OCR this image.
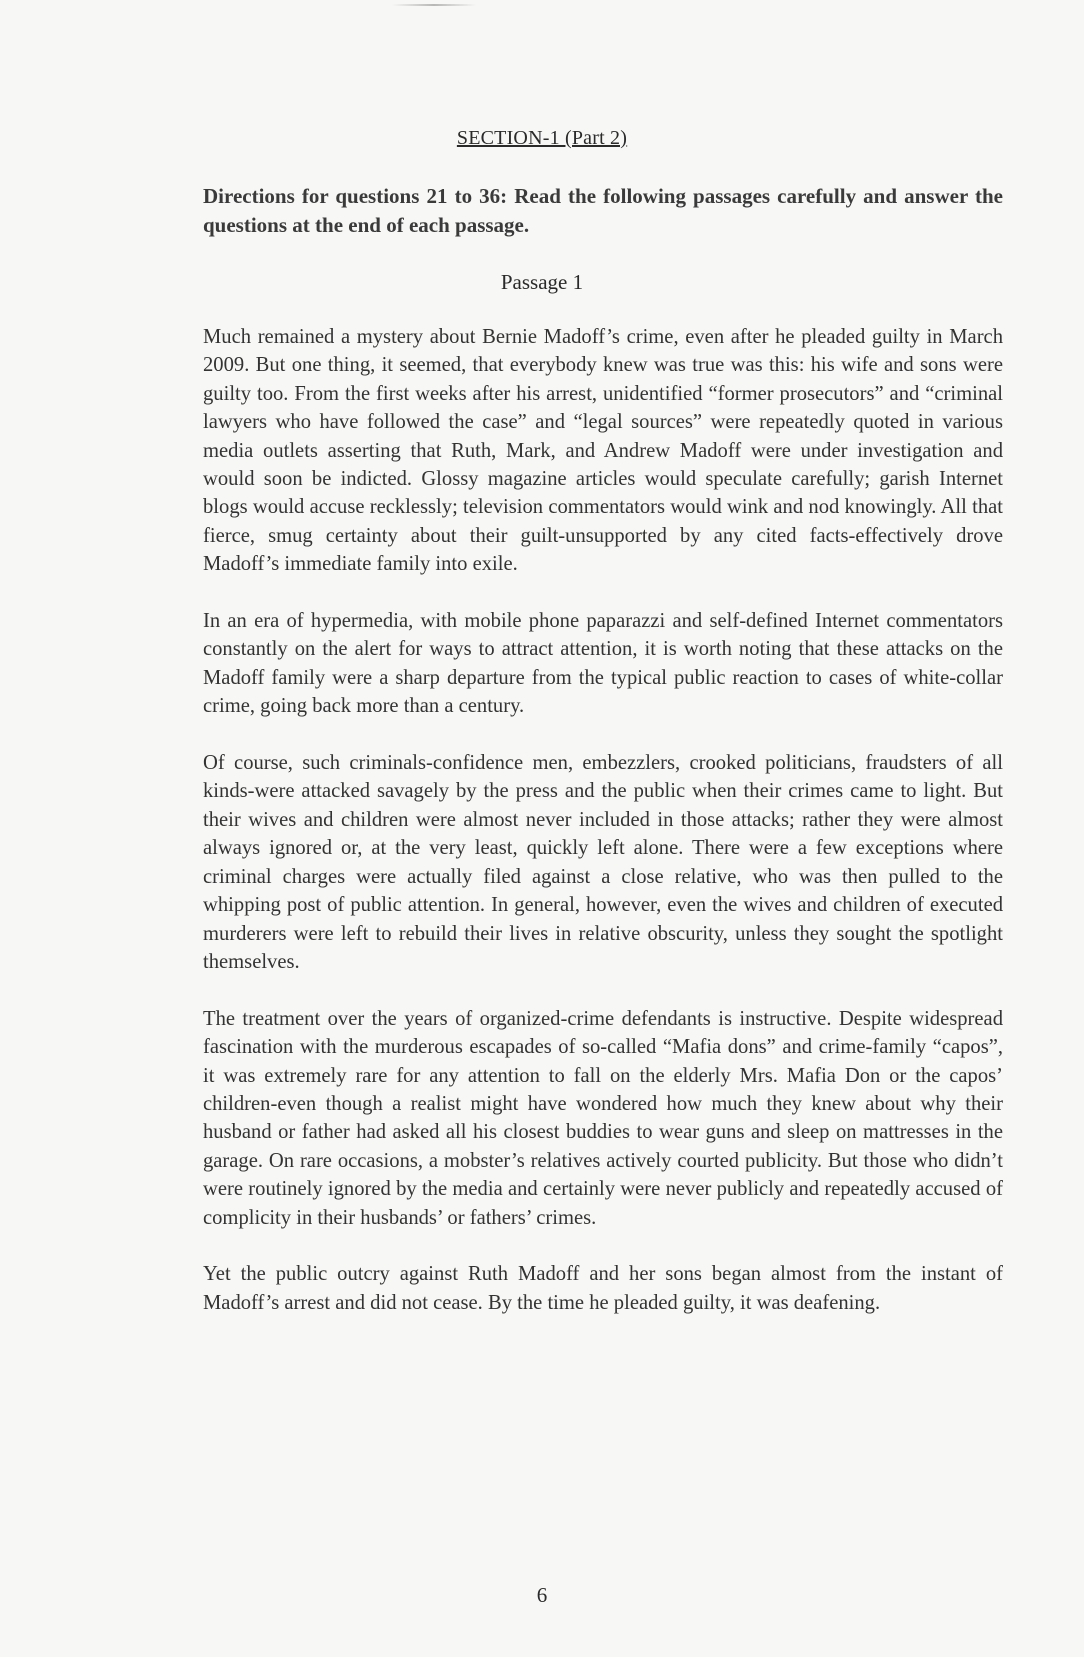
SECTION-1 (Part 2)
Directions for questions 21 to 36: Read the following passages carefully and answer the questions at the end of each passage.
Passage 1

Much remained a mystery about Bernie Madoff’s crime, even after he pleaded guilty in March 2009. But one thing, it seemed, that everybody knew was true was this: his wife and sons were guilty too. From the first weeks after his arrest, unidentified “former prosecutors” and “criminal lawyers who have followed the case” and “legal sources” were repeatedly quoted in various media outlets asserting that Ruth, Mark, and Andrew Madoff were under investigation and would soon be indicted. Glossy magazine articles would speculate carefully; garish Internet blogs would accuse recklessly; television commentators would wink and nod knowingly. All that fierce, smug certainty about their guilt-unsupported by any cited facts-effectively drove Madoff’s immediate family into exile.

In an era of hypermedia, with mobile phone paparazzi and self-defined Internet commentators constantly on the alert for ways to attract attention, it is worth noting that these attacks on the Madoff family were a sharp departure from the typical public reaction to cases of white-collar crime, going back more than a century.

Of course, such criminals-confidence men, embezzlers, crooked politicians, fraudsters of all kinds-were attacked savagely by the press and the public when their crimes came to light. But their wives and children were almost never included in those attacks; rather they were almost always ignored or, at the very least, quickly left alone. There were a few exceptions where criminal charges were actually filed against a close relative, who was then pulled to the whipping post of public attention. In general, however, even the wives and children of executed murderers were left to rebuild their lives in relative obscurity, unless they sought the spotlight themselves.

The treatment over the years of organized-crime defendants is instructive. Despite widespread fascination with the murderous escapades of so-called “Mafia dons” and crime-family “capos”, it was extremely rare for any attention to fall on the elderly Mrs. Mafia Don or the capos’ children-even though a realist might have wondered how much they knew about why their husband or father had asked all his closest buddies to wear guns and sleep on mattresses in the garage. On rare occasions, a mobster’s relatives actively courted publicity. But those who didn’t were routinely ignored by the media and certainly were never publicly and repeatedly accused of complicity in their husbands’ or fathers’ crimes.

Yet the public outcry against Ruth Madoff and her sons began almost from the instant of Madoff’s arrest and did not cease. By the time he pleaded guilty, it was deafening.

6
